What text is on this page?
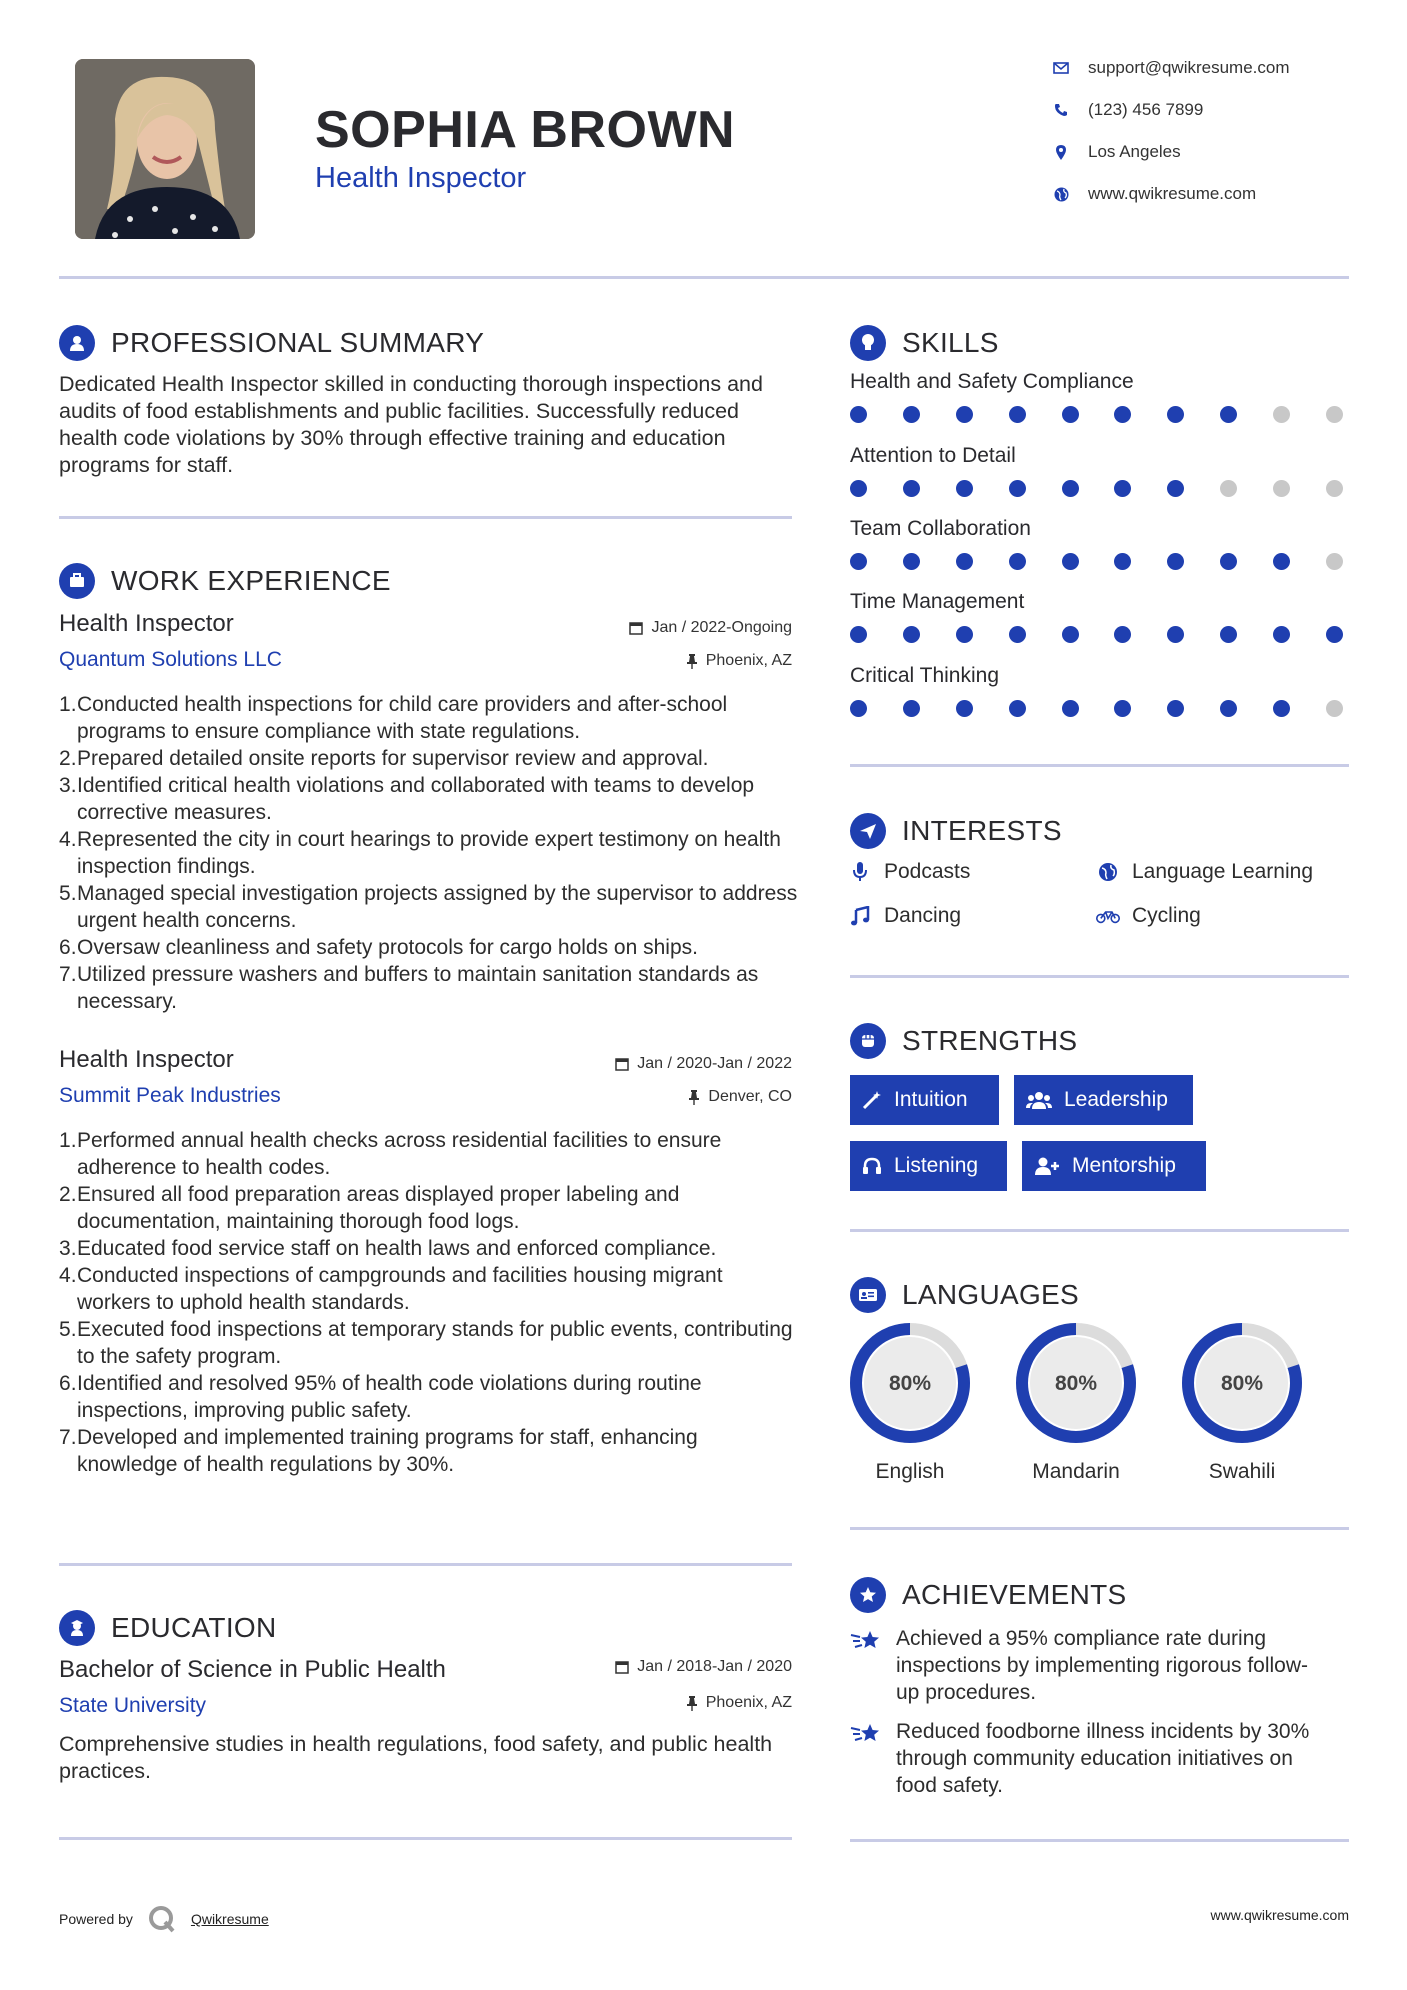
SOPHIA BROWN
Health Inspector
support@qwikresume.com
(123) 456 7899
Los Angeles
www.qwikresume.com
PROFESSIONAL SUMMARY
Dedicated Health Inspector skilled in conducting thorough inspections and audits of food establishments and public facilities. Successfully reduced health code violations by 30% through effective training and education programs for staff.
WORK EXPERIENCE
Health Inspector
Quantum Solutions LLC
Jan / 2022-Ongoing
Phoenix, AZ
Conducted health inspections for child care providers and after-school programs to ensure compliance with state regulations.
Prepared detailed onsite reports for supervisor review and approval.
Identified critical health violations and collaborated with teams to develop corrective measures.
Represented the city in court hearings to provide expert testimony on health inspection findings.
Managed special investigation projects assigned by the supervisor to address urgent health concerns.
Oversaw cleanliness and safety protocols for cargo holds on ships.
Utilized pressure washers and buffers to maintain sanitation standards as necessary.
Health Inspector
Summit Peak Industries
Jan / 2020-Jan / 2022
Denver, CO
Performed annual health checks across residential facilities to ensure adherence to health codes.
Ensured all food preparation areas displayed proper labeling and documentation, maintaining thorough food logs.
Educated food service staff on health laws and enforced compliance.
Conducted inspections of campgrounds and facilities housing migrant workers to uphold health standards.
Executed food inspections at temporary stands for public events, contributing to the safety program.
Identified and resolved 95% of health code violations during routine inspections, improving public safety.
Developed and implemented training programs for staff, enhancing knowledge of health regulations by 30%.
EDUCATION
Bachelor of Science in Public Health
State University
Jan / 2018-Jan / 2020
Phoenix, AZ
Comprehensive studies in health regulations, food safety, and public health practices.
SKILLS
Health and Safety Compliance
Attention to Detail
Team Collaboration
Time Management
Critical Thinking
INTERESTS
Podcasts	Language Learning
Dancing	Cycling
STRENGTHS
Intuition	Leadership
Listening	Mentorship
LANGUAGES
80%
English
80%
Mandarin
80%
Swahili
ACHIEVEMENTS
Achieved a 95% compliance rate during inspections by implementing rigorous follow-up procedures.
Reduced foodborne illness incidents by 30% through community education initiatives on food safety.
Powered by	Qwikresume	www.qwikresume.com
